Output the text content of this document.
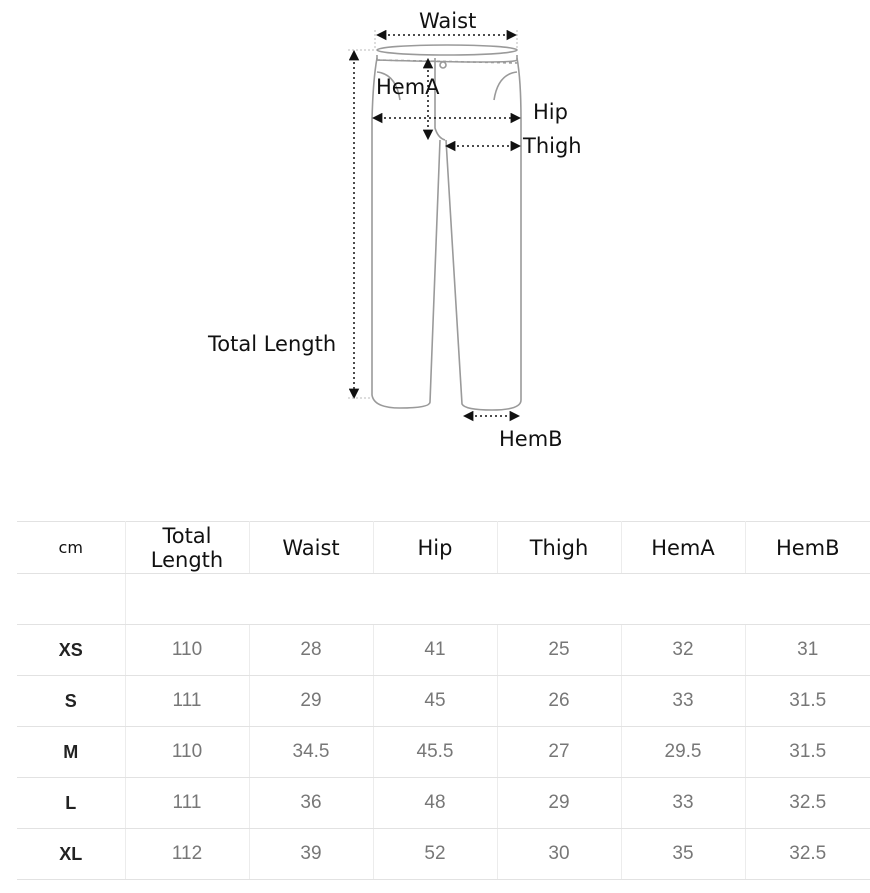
Waist
HemA
Hip
Thigh
Total Length
HemB
cm	Total Length	Waist	Hip	Thigh	HemA	HemB

XS	110	28	41	25	32	31
S	111	29	45	26	33	31.5
M	110	34.5	45.5	27	29.5	31.5
L	111	36	48	29	33	32.5
XL	112	39	52	30	35	32.5
